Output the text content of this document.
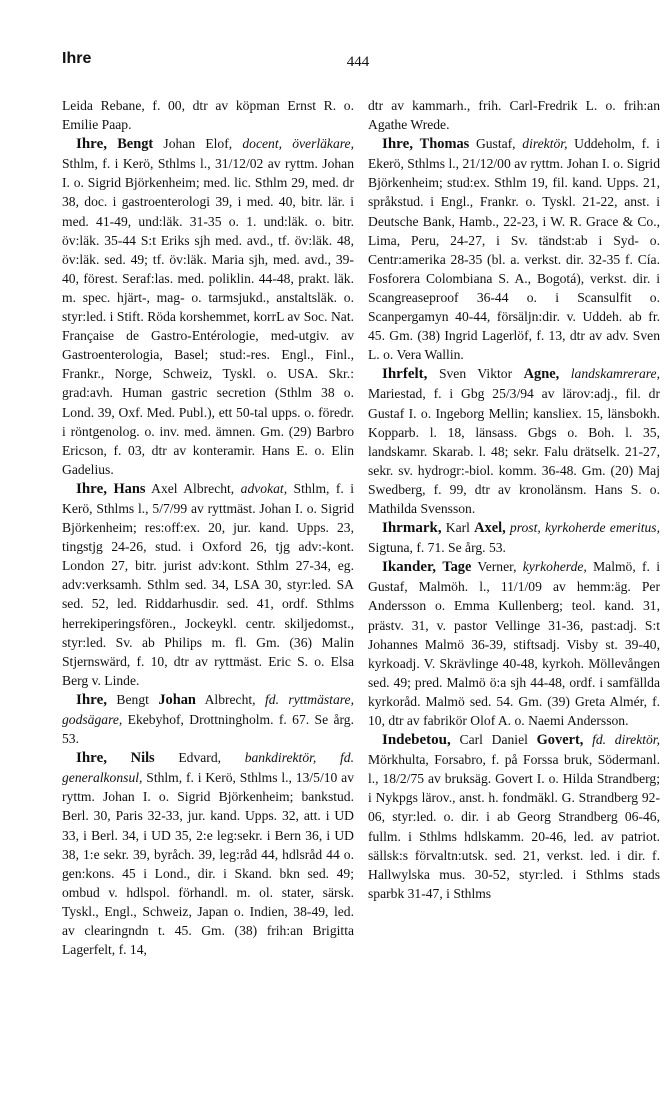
Ihre	444

Leida Rebane, f. 00, dtr av köpman Ernst R. o. Emilie Paap.

Ihre, Bengt Johan Elof, docent, överläkare, Sthlm, f. i Kerö, Sthlms l., 31/12/02 av ryttm. Johan I. o. Sigrid Björkenheim; med. lic. Sthlm 29, med. dr 38, doc. i gastroenterologi 39, i med. 40, bitr. lär. i med. 41-49, und:läk. 31-35 o. 1. und:läk. o. bitr. öv:läk. 35-44 S:t Eriks sjh med. avd., tf. öv:läk. 48, öv:läk. sed. 49; tf. öv:läk. Maria sjh, med. avd., 39-40, förest. Seraf:las. med. poliklin. 44-48, prakt. läk. m. spec. hjärt-, mag- o. tarmsjukd., anstaltsläk. o. styr:led. i Stift. Röda korshemmet, korrL av Soc. Nat. Française de Gastro-Entérologie, med-utgiv. av Gastroenterologia, Basel; stud:-res. Engl., Finl., Frankr., Norge, Schweiz, Tyskl. o. USA. Skr.: grad:avh. Human gastric secretion (Sthlm 38 o. Lond. 39, Oxf. Med. Publ.), ett 50-tal upps. o. föredr. i röntgenolog. o. inv. med. ämnen. Gm. (29) Barbro Ericson, f. 03, dtr av konteramir. Hans E. o. Elin Gadelius.

Ihre, Hans Axel Albrecht, advokat, Sthlm, f. i Kerö, Sthlms l., 5/7/99 av ryttmäst. Johan I. o. Sigrid Björkenheim; res:off:ex. 20, jur. kand. Upps. 23, tingstjg 24-26, stud. i Oxford 26, tjg adv:-kont. London 27, bitr. jurist adv:kont. Sthlm 27-34, eg. adv:verksamh. Sthlm sed. 34, LSA 30, styr:led. SA sed. 52, led. Riddarhusdir. sed. 41, ordf. Sthlms herrekiperingsfören., Jockeykl. centr. skiljedomst., styr:led. Sv. ab Philips m. fl. Gm. (36) Malin Stjernswärd, f. 10, dtr av ryttmäst. Eric S. o. Elsa Berg v. Linde.

Ihre, Bengt Johan Albrecht, fd. ryttmästare, godsägare, Ekebyhof, Drottningholm. f. 67. Se årg. 53.

Ihre, Nils Edvard, bankdirektör, fd. generalkonsul, Sthlm, f. i Kerö, Sthlms l., 13/5/10 av ryttm. Johan I. o. Sigrid Björkenheim; bankstud. Berl. 30, Paris 32-33, jur. kand. Upps. 32, att. i UD 33, i Berl. 34, i UD 35, 2:e leg:sekr. i Bern 36, i UD 38, 1:e sekr. 39, byråch. 39, leg:råd 44, hdlsråd 44 o. gen:kons. 45 i Lond., dir. i Skand. bkn sed. 49; ombud v. hdlspol. förhandl. m. ol. stater, särsk. Tyskl., Engl., Schweiz, Japan o. Indien, 38-49, led. av clearingndn t. 45. Gm. (38) frih:an Brigitta Lagerfelt, f. 14,

dtr av kammarh., frih. Carl-Fredrik L. o. frih:an Agathe Wrede.

Ihre, Thomas Gustaf, direktör, Uddeholm, f. i Ekerö, Sthlms l., 21/12/00 av ryttm. Johan I. o. Sigrid Björkenheim; stud:ex. Sthlm 19, fil. kand. Upps. 21, språkstud. i Engl., Frankr. o. Tyskl. 21-22, anst. i Deutsche Bank, Hamb., 22-23, i W. R. Grace & Co., Lima, Peru, 24-27, i Sv. tändst:ab i Syd- o. Centr:amerika 28-35 (bl. a. verkst. dir. 32-35 f. Cía. Fosforera Colombiana S. A., Bogotá), verkst. dir. i Scangreaseproof 36-44 o. i Scansulfit o. Scanpergamyn 40-44, försäljn:dir. v. Uddeh. ab fr. 45. Gm. (38) Ingrid Lagerlöf, f. 13, dtr av adv. Sven L. o. Vera Wallin.

Ihrfelt, Sven Viktor Agne, landskamrerare, Mariestad, f. i Gbg 25/3/94 av lärov:adj., fil. dr Gustaf I. o. Ingeborg Mellin; kansliex. 15, länsbokh. Kopparb. l. 18, länsass. Gbgs o. Boh. l. 35, landskamr. Skarab. l. 48; sekr. Falu drätselk. 21-27, sekr. sv. hydrogr:-biol. komm. 36-48. Gm. (20) Maj Swedberg, f. 99, dtr av kronolänsm. Hans S. o. Mathilda Svensson.

Ihrmark, Karl Axel, prost, kyrkoherde emeritus, Sigtuna, f. 71. Se årg. 53.

Ikander, Tage Verner, kyrkoherde, Malmö, f. i Gustaf, Malmöh. l., 11/1/09 av hemm:äg. Per Andersson o. Emma Kullenberg; teol. kand. 31, prästv. 31, v. pastor Vellinge 31-36, past:adj. S:t Johannes Malmö 36-39, stiftsadj. Visby st. 39-40, kyrkoadj. V. Skrävlinge 40-48, kyrkoh. Möllevången sed. 49; pred. Malmö ö:a sjh 44-48, ordf. i samfällda kyrkoråd. Malmö sed. 54. Gm. (39) Greta Almér, f. 10, dtr av fabrikör Olof A. o. Naemi Andersson.

Indebetou, Carl Daniel Govert, fd. direktör, Mörkhulta, Forsabro, f. på Forssa bruk, Södermanl. l., 18/2/75 av bruksäg. Govert I. o. Hilda Strandberg; i Nykpgs lärov., anst. h. fondmäkl. G. Strandberg 92-06, styr:led. o. dir. i ab Georg Strandberg 06-46, fullm. i Sthlms hdlskamm. 20-46, led. av patriot. sällsk:s förvaltn:utsk. sed. 21, verkst. led. i dir. f. Hallwylska mus. 30-52, styr:led. i Sthlms stads sparbk 31-47, i Sthlms
